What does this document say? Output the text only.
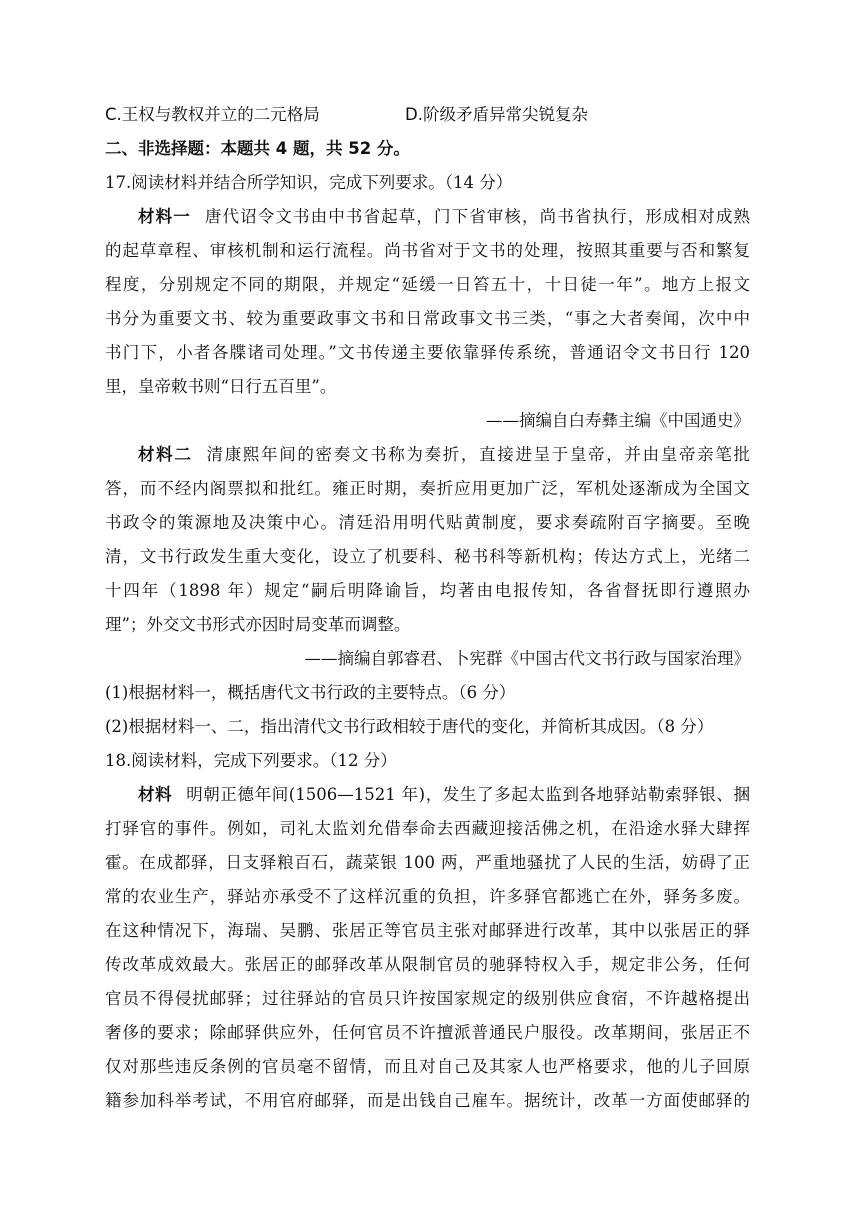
C.王权与教权并立的二元格局	D.阶级矛盾异常尖锐复杂
二、非选择题：本题共 4 题，共 52 分。
17.阅读材料并结合所学知识，完成下列要求。（14 分）
材料一 唐代诏令文书由中书省起草，门下省审核，尚书省执行，形成相对成熟
的起草章程、审核机制和运行流程。尚书省对于文书的处理，按照其重要与否和繁复
程度，分别规定不同的期限，并规定“延缓一日笞五十，十日徒一年”。地方上报文
书分为重要文书、较为重要政事文书和日常政事文书三类，“事之大者奏闻，次中中
书门下，小者各牒诸司处理。”文书传递主要依靠驿传系统，普通诏令文书日行 120
里，皇帝敕书则“日行五百里”。
——摘编自白寿彝主编《中国通史》
材料二 清康熙年间的密奏文书称为奏折，直接进呈于皇帝，并由皇帝亲笔批
答，而不经内阁票拟和批红。雍正时期，奏折应用更加广泛，军机处逐渐成为全国文
书政令的策源地及决策中心。清廷沿用明代贴黄制度，要求奏疏附百字摘要。至晚
清，文书行政发生重大变化，设立了机要科、秘书科等新机构；传达方式上，光绪二
十四年（1898 年）规定“嗣后明降谕旨，均著由电报传知，各省督抚即行遵照办
理”；外交文书形式亦因时局变革而调整。
——摘编自郭睿君、卜宪群《中国古代文书行政与国家治理》
(1)根据材料一，概括唐代文书行政的主要特点。（6 分）
(2)根据材料一、二，指出清代文书行政相较于唐代的变化，并简析其成因。（8 分）
18.阅读材料，完成下列要求。（12 分）
材料 明朝正德年间(1506—1521 年)，发生了多起太监到各地驿站勒索驿银、捆
打驿官的事件。例如，司礼太监刘允借奉命去西藏迎接活佛之机，在沿途水驿大肆挥
霍。在成都驿，日支驿粮百石，蔬菜银 100 两，严重地骚扰了人民的生活，妨碍了正
常的农业生产，驿站亦承受不了这样沉重的负担，许多驿官都逃亡在外，驿务多废。
在这种情况下，海瑞、吴鹏、张居正等官员主张对邮驿进行改革，其中以张居正的驿
传改革成效最大。张居正的邮驿改革从限制官员的驰驿特权入手，规定非公务，任何
官员不得侵扰邮驿；过往驿站的官员只许按国家规定的级别供应食宿，不许越格提出
奢侈的要求；除邮驿供应外，任何官员不许擅派普通民户服役。改革期间，张居正不
仅对那些违反条例的官员毫不留情，而且对自己及其家人也严格要求，他的儿子回原
籍参加科举考试，不用官府邮驿，而是出钱自己雇车。据统计，改革一方面使邮驿的
